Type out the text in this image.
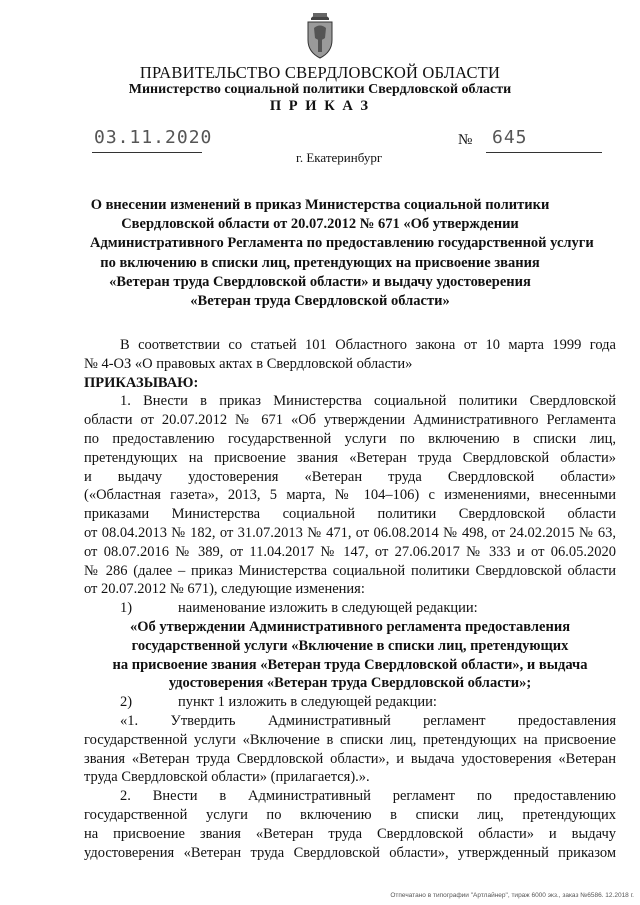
ПРАВИТЕЛЬСТВО СВЕРДЛОВСКОЙ ОБЛАСТИ
Министерство социальной политики Свердловской области
П Р И К А З
03.11.2020	№ 645
г. Екатеринбург
О внесении изменений в приказ Министерства социальной политики
Свердловской области от 20.07.2012 № 671 «Об утверждении
Административного Регламента по предоставлению государственной услуги
по включению в списки лиц, претендующих на присвоение звания
«Ветеран труда Свердловской области» и выдачу удостоверения
«Ветеран труда Свердловской области»
В соответствии со статьей 101 Областного закона от 10 марта 1999 года
№ 4-ОЗ «О правовых актах в Свердловской области»
ПРИКАЗЫВАЮ:
1. Внести в приказ Министерства социальной политики Свердловской
области от 20.07.2012 № 671 «Об утверждении Административного Регламента
по предоставлению государственной услуги по включению в списки лиц,
претендующих на присвоение звания «Ветеран труда Свердловской области»
и выдачу удостоверения «Ветеран труда Свердловской области»
(«Областная газета», 2013, 5 марта, № 104–106) с изменениями, внесенными
приказами Министерства социальной политики Свердловской области
от 08.04.2013 № 182, от 31.07.2013 № 471, от 06.08.2014 № 498, от 24.02.2015 № 63,
от 08.07.2016 № 389, от 11.04.2017 № 147, от 27.06.2017 № 333 и от 06.05.2020
№ 286 (далее – приказ Министерства социальной политики Свердловской области
от 20.07.2012 № 671), следующие изменения:
1)	наименование изложить в следующей редакции:
«Об утверждении Административного регламента предоставления
государственной услуги «Включение в списки лиц, претендующих
на присвоение звания «Ветеран труда Свердловской области», и выдача
удостоверения «Ветеран труда Свердловской области»;
2)	пункт 1 изложить в следующей редакции:
«1. Утвердить Административный регламент предоставления
государственной услуги «Включение в списки лиц, претендующих на присвоение
звания «Ветеран труда Свердловской области», и выдача удостоверения «Ветеран
труда Свердловской области» (прилагается).».
2. Внести в Административный регламент по предоставлению
государственной услуги по включению в списки лиц, претендующих
на присвоение звания «Ветеран труда Свердловской области» и выдачу
удостоверения «Ветеран труда Свердловской области», утвержденный приказом
Отпечатано в типографии "Артлайнер", тираж 6000 экз., заказ №6586. 12.2018 г.
